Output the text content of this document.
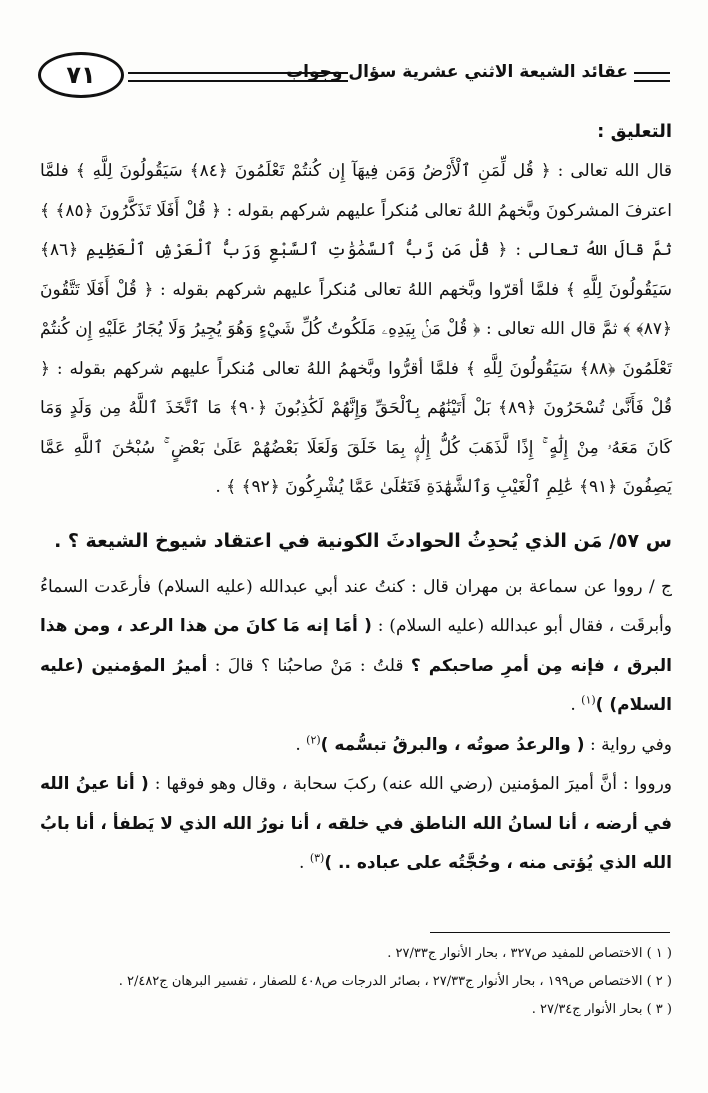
٧١	عقائد الشيعة الاثني عشرية سؤال وجواب

التعليق :

قال الله تعالى : ﴿ قُل لِّمَنِ ٱلْأَرْضُ وَمَن فِيهَآ إِن كُنتُمْ تَعْلَمُونَ ﴿٨٤﴾ سَيَقُولُونَ لِلَّهِ ﴾ فلمَّا اعترفَ المشركونَ وبَّخهمُ اللهُ تعالى مُنكراً عليهم شركهم بقوله : ﴿ قُلْ أَفَلَا تَذَكَّرُونَ ﴿٨٥﴾ ﴾ ثمَّ قالَ اللهُ تعالى : ﴿ قُلْ مَن رَّبُّ ٱلسَّمَٰوَٰتِ ٱلسَّبْعِ وَرَبُّ ٱلْعَرْشِ ٱلْعَظِيمِ ﴿٨٦﴾ سَيَقُولُونَ لِلَّهِ ﴾ فلمَّا أقرّوا وبَّخهم اللهُ تعالى مُنكراً عليهم شركهم بقوله : ﴿ قُلْ أَفَلَا تَتَّقُونَ ﴿٨٧﴾ ﴾ ثمَّ قال الله تعالى : ﴿ قُلْ مَنۢ بِيَدِهِۦ مَلَكُوتُ كُلِّ شَيْءٍ وَهُوَ يُجِيرُ وَلَا يُجَارُ عَلَيْهِ إِن كُنتُمْ تَعْلَمُونَ ﴿٨٨﴾ سَيَقُولُونَ لِلَّهِ ﴾ فلمَّا أقرُّوا وبَّخهمُ اللهُ تعالى مُنكراً عليهم شركهم بقوله : ﴿ قُلْ فَأَنَّىٰ تُسْحَرُونَ ﴿٨٩﴾ بَلْ أَتَيْنَٰهُم بِٱلْحَقِّ وَإِنَّهُمْ لَكَٰذِبُونَ ﴿٩٠﴾ مَا ٱتَّخَذَ ٱللَّهُ مِن وَلَدٍ وَمَا كَانَ مَعَهُۥ مِنْ إِلَٰهٍ ۚ إِذًا لَّذَهَبَ كُلُّ إِلَٰهٍۭ بِمَا خَلَقَ وَلَعَلَا بَعْضُهُمْ عَلَىٰ بَعْضٍ ۚ سُبْحَٰنَ ٱللَّهِ عَمَّا يَصِفُونَ ﴿٩١﴾ عَٰلِمِ ٱلْغَيْبِ وَٱلشَّهَٰدَةِ فَتَعَٰلَىٰ عَمَّا يُشْرِكُونَ ﴿٩٢﴾ ﴾ .

س ٥٧/ مَن الذي يُحدِثُ الحوادثَ الكونية في اعتقاد شيوخ الشيعة ؟ .

ج / رووا عن سماعة بن مهران قال : كنتُ عند أبي عبدالله (عليه السلام) فأرعَدت السماءُ وأبرقَت ، فقال أبو عبدالله (عليه السلام) : ( أمَا إنه مَا كانَ من هذا الرعد ، ومن هذا البرق ، فإنه مِن أمرِ صاحبكم ؟ قلتُ : مَنْ صاحبُنا ؟ قالَ : أميرُ المؤمنين (عليه السلام) )$^{(١)}$ .

وفي رواية : ( والرعدُ صوتُه ، والبرقُ تبسُّمه )$^{(٢)}$ .

ورووا : أنَّ أميرَ المؤمنين (رضي الله عنه) ركبَ سحابة ، وقال وهو فوقها : ( أنا عينُ الله في أرضه ، أنا لسانُ الله الناطق في خلقه ، أنا نورُ الله الذي لا يَطفأ ، أنا بابُ الله الذي يُؤتى منه ، وحُجَّتُه على عباده .. )$^{(٣)}$ .

( ١ ) الاختصاص للمفيد ص٣٢٧ ، بحار الأنوار ج٢٧/٣٣ .

( ٢ ) الاختصاص ص١٩٩ ، بحار الأنوار ج٢٧/٣٣ ، بصائر الدرجات ص٤٠٨ للصفار ، تفسير البرهان ج٢/٤٨٢ .

( ٣ ) بحار الأنوار ج٢٧/٣٤ .
